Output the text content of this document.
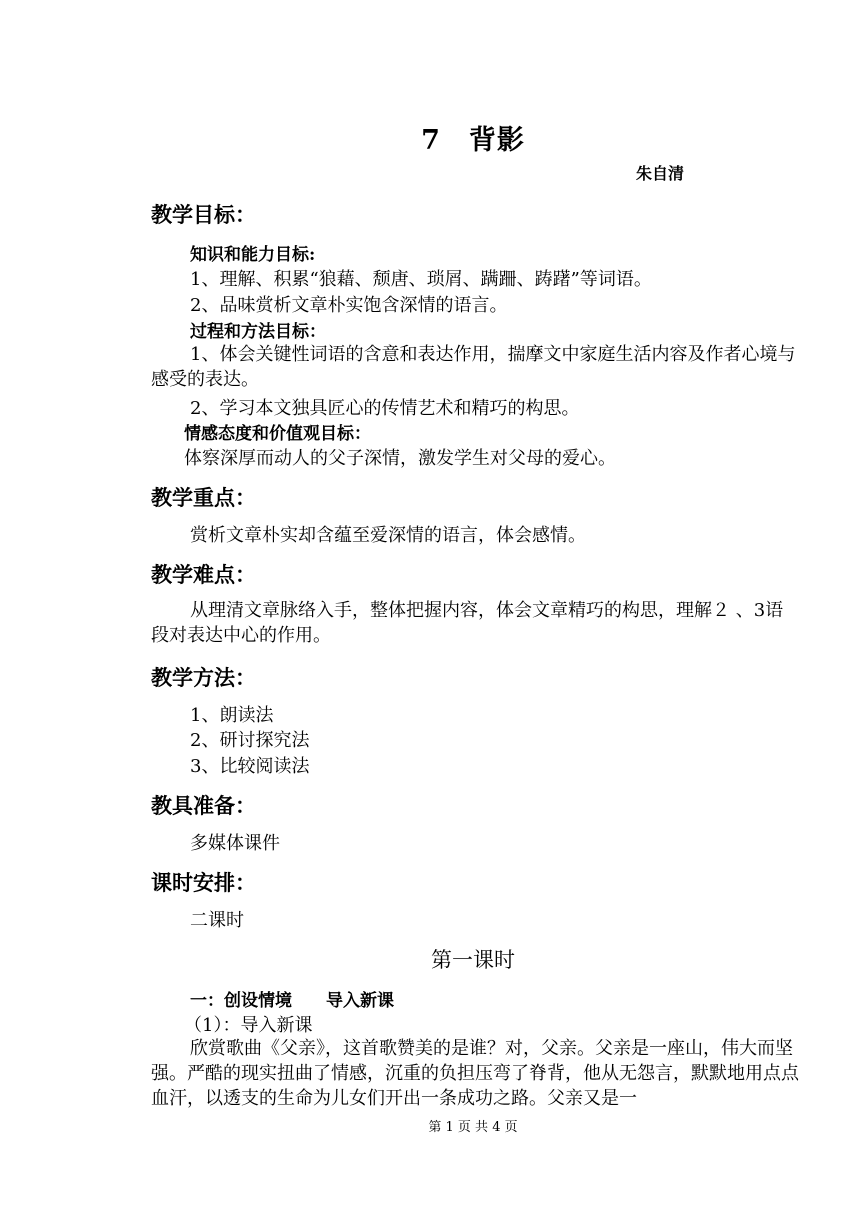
7　背影
朱自清
教学目标：
知识和能力目标:
1、理解、积累“狼藉、颓唐、琐屑、蹒跚、踌躇”等词语。
2、品味赏析文章朴实饱含深情的语言。
过程和方法目标：
1、体会关键性词语的含意和表达作用，揣摩文中家庭生活内容及作者心境与感受的表达。
2、学习本文独具匠心的传情艺术和精巧的构思。
情感态度和价值观目标：
体察深厚而动人的父子深情，激发学生对父母的爱心。
教学重点：
赏析文章朴实却含蕴至爱深情的语言，体会感情。
教学难点：
从理清文章脉络入手，整体把握内容，体会文章精巧的构思，理解２ 、3语段对表达中心的作用。
教学方法：
1、朗读法
2、研讨探究法
3、比较阅读法
教具准备：
多媒体课件
课时安排：
二课时
第一课时
一：创设情境　　导入新课
（1）：导入新课
欣赏歌曲《父亲》，这首歌赞美的是谁？对，父亲。父亲是一座山，伟大而坚强。严酷的现实扭曲了情感，沉重的负担压弯了脊背，他从无怨言，默默地用点点血汗，以透支的生命为儿女们开出一条成功之路。父亲又是一
第 1 页 共 4 页
